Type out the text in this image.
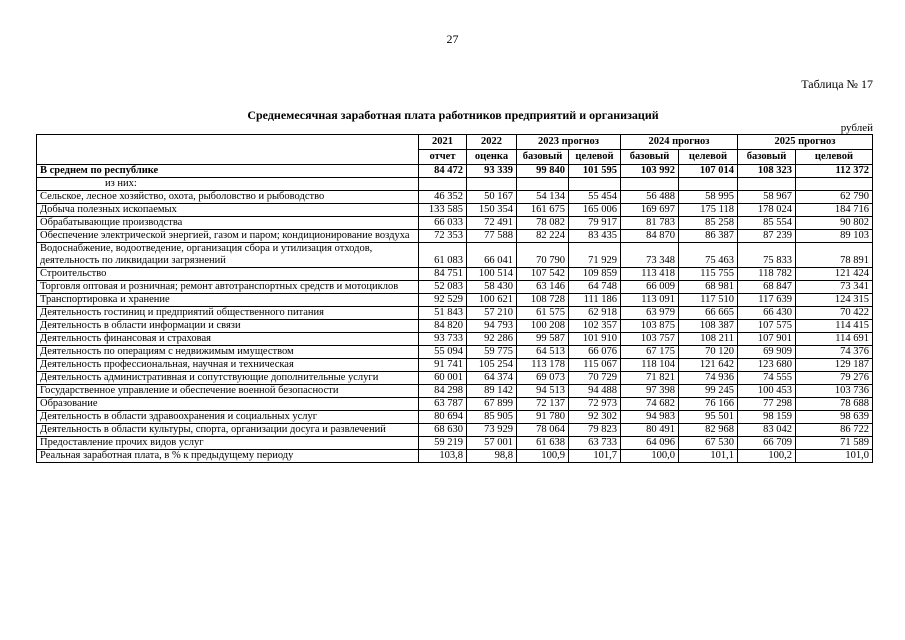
27
Таблица № 17
Среднемесячная заработная плата работников предприятий и организаций
рублей
	2021	2022	2023 прогноз		2024 прогноз		2025 прогноз	
	отчет	оценка	базовый	целевой	базовый	целевой	базовый	целевой
В среднем по республике	84 472	93 339	99 840	101 595	103 992	107 014	108 323	112 372
из них:								
Сельское, лесное хозяйство, охота, рыболовство и рыбоводство	46 352	50 167	54 134	55 454	56 488	58 995	58 967	62 790
Добыча полезных ископаемых	133 585	150 354	161 675	165 006	169 697	175 118	178 024	184 716
Обрабатывающие производства	66 033	72 491	78 082	79 917	81 783	85 258	85 554	90 802
Обеспечение электрической энергией, газом и паром; кондиционирование воздуха	72 353	77 588	82 224	83 435	84 870	86 387	87 239	89 103
Водоснабжение, водоотведение, организация сбора и утилизация отходов, деятельность по ликвидации загрязнений	61 083	66 041	70 790	71 929	73 348	75 463	75 833	78 891
Строительство	84 751	100 514	107 542	109 859	113 418	115 755	118 782	121 424
Торговля оптовая и розничная; ремонт автотранспортных средств и мотоциклов	52 083	58 430	63 146	64 748	66 009	68 981	68 847	73 341
Транспортировка и хранение	92 529	100 621	108 728	111 186	113 091	117 510	117 639	124 315
Деятельность гостиниц и предприятий общественного питания	51 843	57 210	61 575	62 918	63 979	66 665	66 430	70 422
Деятельность в области информации и связи	84 820	94 793	100 208	102 357	103 875	108 387	107 575	114 415
Деятельность финансовая и страховая	93 733	92 286	99 587	101 910	103 757	108 211	107 901	114 691
Деятельность по операциям с недвижимым имуществом	55 094	59 775	64 513	66 076	67 175	70 120	69 909	74 376
Деятельность профессиональная, научная и техническая	91 741	105 254	113 178	115 067	118 104	121 642	123 680	129 187
Деятельность административная и сопутствующие дополнительные услуги	60 001	64 374	69 073	70 729	71 821	74 936	74 555	79 276
Государственное управление и обеспечение военной безопасности	84 298	89 142	94 513	94 488	97 398	99 245	100 453	103 736
Образование	63 787	67 899	72 137	72 973	74 682	76 166	77 298	78 688
Деятельность в области здравоохранения и социальных услуг	80 694	85 905	91 780	92 302	94 983	95 501	98 159	98 639
Деятельность в области культуры, спорта, организации досуга и развлечений	68 630	73 929	78 064	79 823	80 491	82 968	83 042	86 722
Предоставление прочих видов услуг	59 219	57 001	61 638	63 733	64 096	67 530	66 709	71 589
Реальная заработная плата, в % к предыдущему периоду	103,8	98,8	100,9	101,7	100,0	101,1	100,2	101,0
